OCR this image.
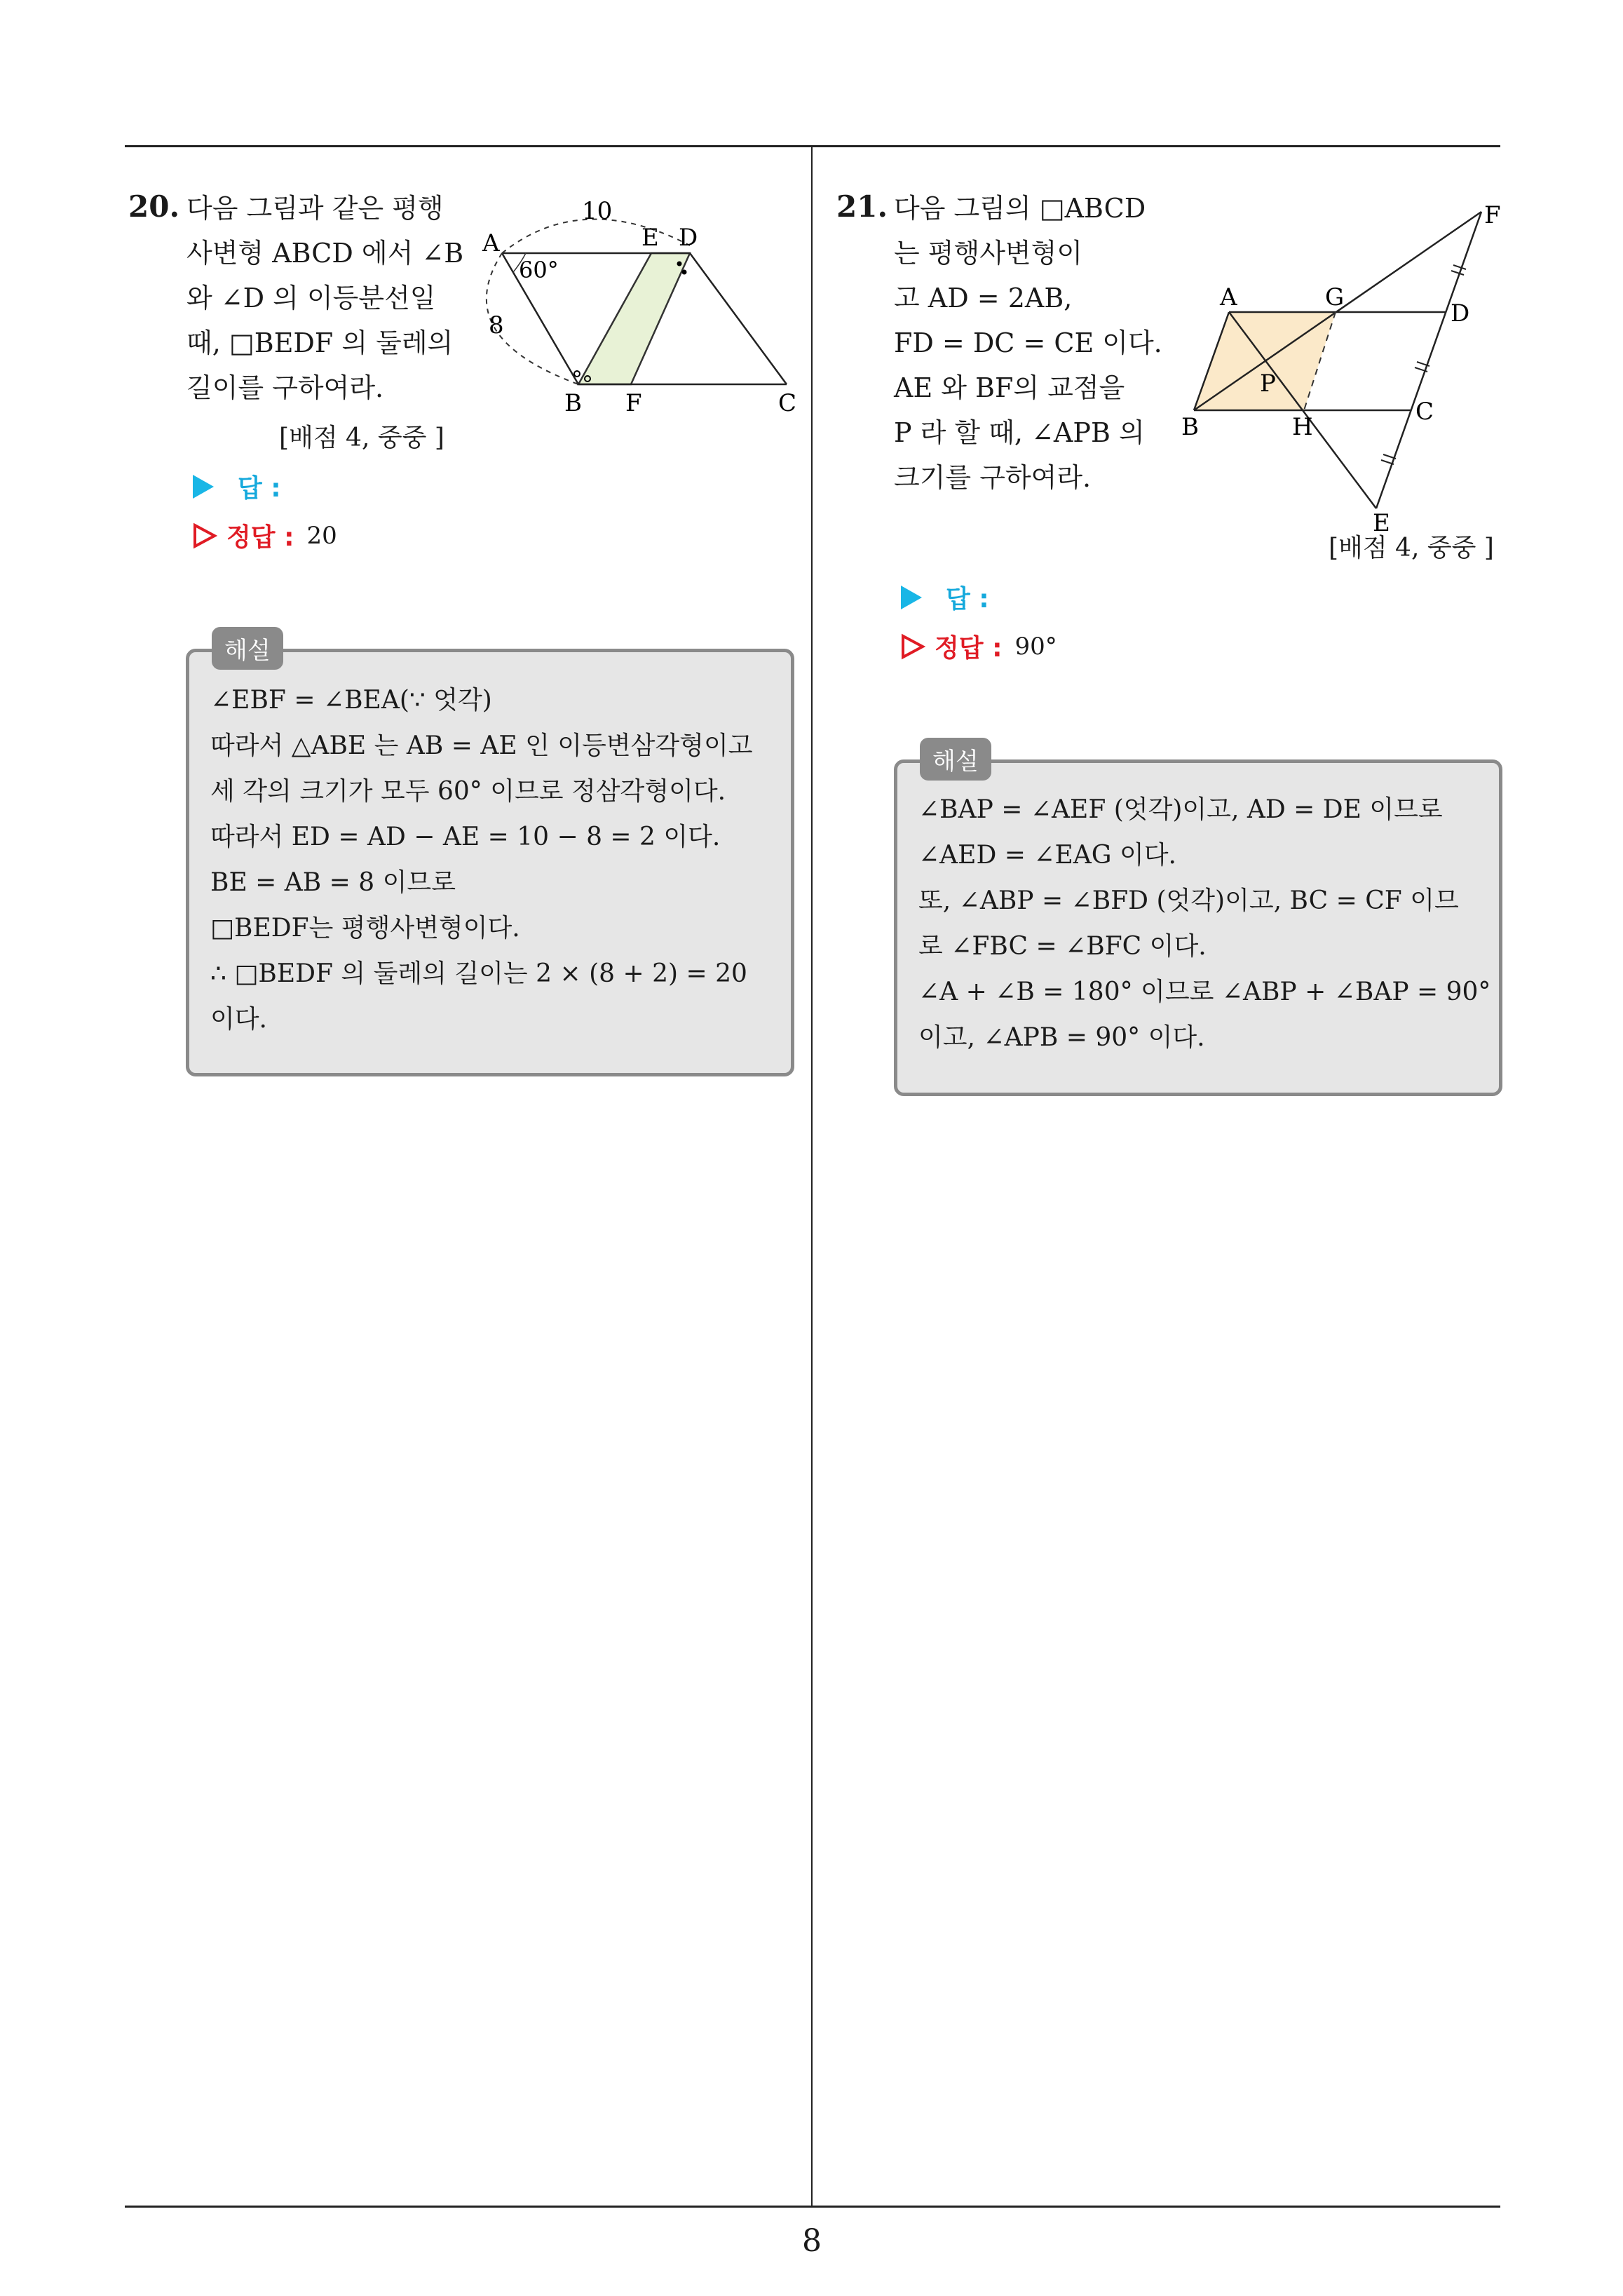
20. 다음 그림과 같은 평행

사변형 ABCD 에서 ∠B

와 ∠D 의 이등분선일

때, □BEDF 의 둘레의

길이를 구하여라.

[배점 4, 중중 ]
10
8
60°
A	E D
B F	C
답 :
정답 : 20

∠EBF = ∠BEA(∵ 엇각)

따라서 △ABE 는 AB = AE 인 이등변삼각형이고

세 각의 크기가 모두 60° 이므로 정삼각형이다.

따라서 ED = AD − AE = 10 − 8 = 2 이다.

BE = AB = 8 이므로

□BEDF는 평행사변형이다.

∴ □BEDF 의 둘레의 길이는 2 × (8 + 2) = 20

이다.

해설
21. 다음 그림의 □ABCD

는 평행사변형이

고 AD = 2AB,

FD = DC = CE 이다.

AE 와 BF의 교점을

P 라 할 때, ∠APB 의

크기를 구하여라.

F
A	G
D
P
C
B	H
E
[배점 4, 중중 ]
답 :
정답 : 90°

∠BAP = ∠AEF (엇각)이고, AD = DE 이므로

∠AED = ∠EAG 이다.

또, ∠ABP = ∠BFD (엇각)이고, BC = CF 이므

로 ∠FBC = ∠BFC 이다.

∠A + ∠B = 180° 이므로 ∠ABP + ∠BAP = 90°

이고, ∠APB = 90° 이다.

해설
8
